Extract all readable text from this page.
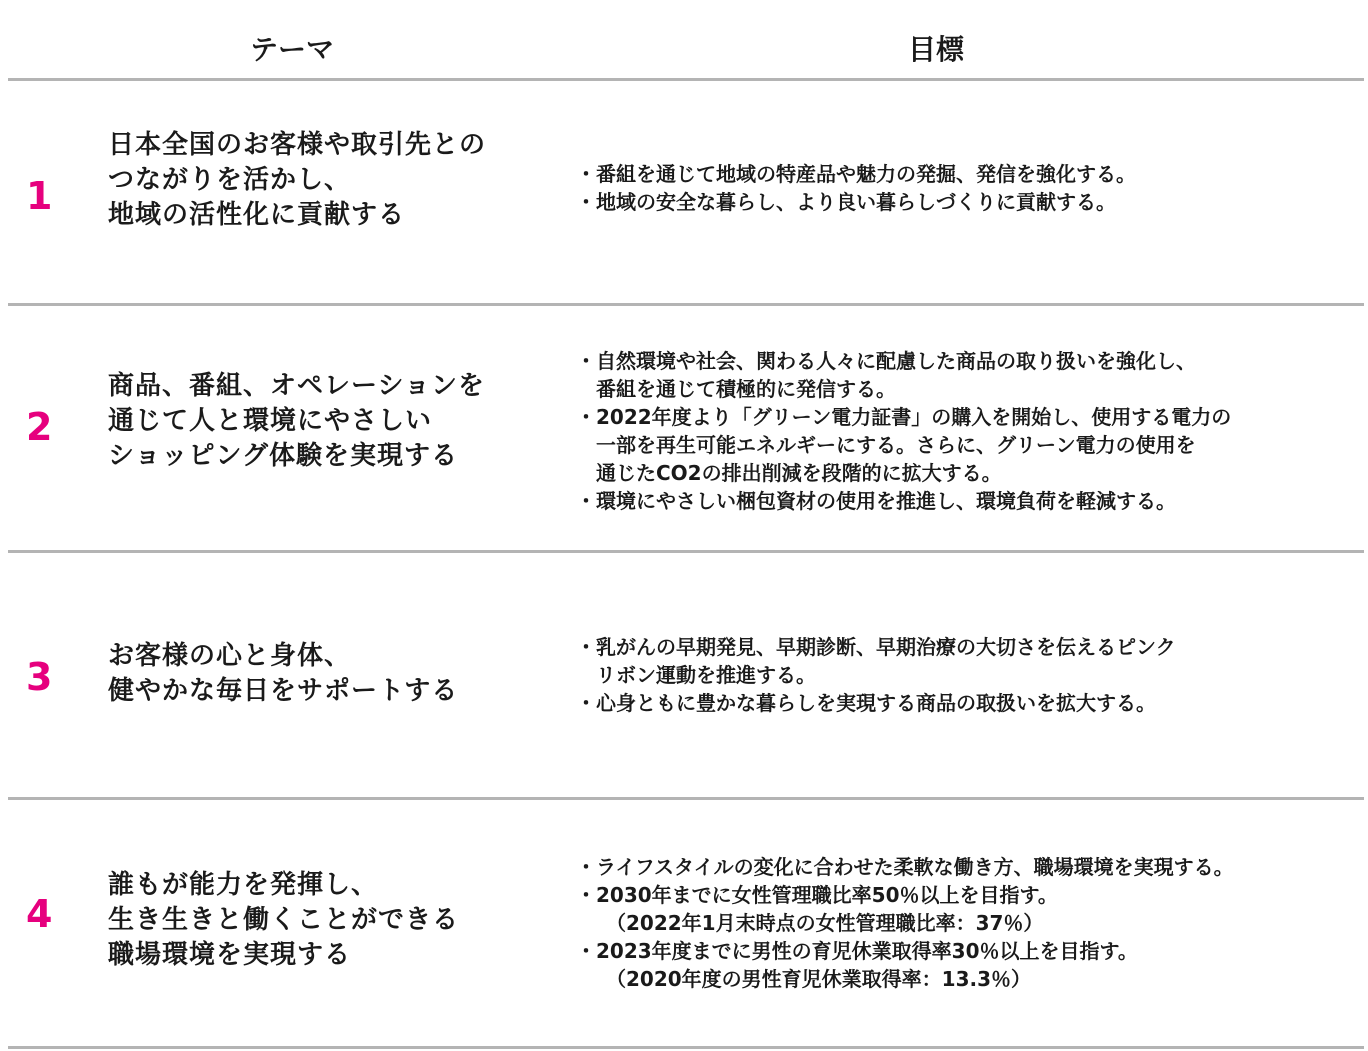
テーマ	目標
1
日本全国のお客様や取引先との
つながりを活かし、
地域の活性化に貢献する
・番組を通じて地域の特産品や魅力の発掘、発信を強化する。
・地域の安全な暮らし、より良い暮らしづくりに貢献する。
2
商品、番組、オペレーションを
通じて人と環境にやさしい
ショッピング体験を実現する
・自然環境や社会、関わる人々に配慮した商品の取り扱いを強化し、
番組を通じて積極的に発信する。
・2022年度より「グリーン電力証書」の購入を開始し、使用する電力の
一部を再生可能エネルギーにする。さらに、グリーン電力の使用を
通じたCO2の排出削減を段階的に拡大する。
・環境にやさしい梱包資材の使用を推進し、環境負荷を軽減する。
3 お客様の心と身体、
健やかな毎日をサポートする
・乳がんの早期発見、早期診断、早期治療の大切さを伝えるピンク
リボン運動を推進する。
・心身ともに豊かな暮らしを実現する商品の取扱いを拡大する。
4
誰もが能力を発揮し、
生き生きと働くことができる
職場環境を実現する
・ライフスタイルの変化に合わせた柔軟な働き方、職場環境を実現する。
・2030年までに女性管理職比率50％以上を目指す。
（2022年1月末時点の女性管理職比率：37％）
・2023年度までに男性の育児休業取得率30％以上を目指す。
（2020年度の男性育児休業取得率：13.3％）
